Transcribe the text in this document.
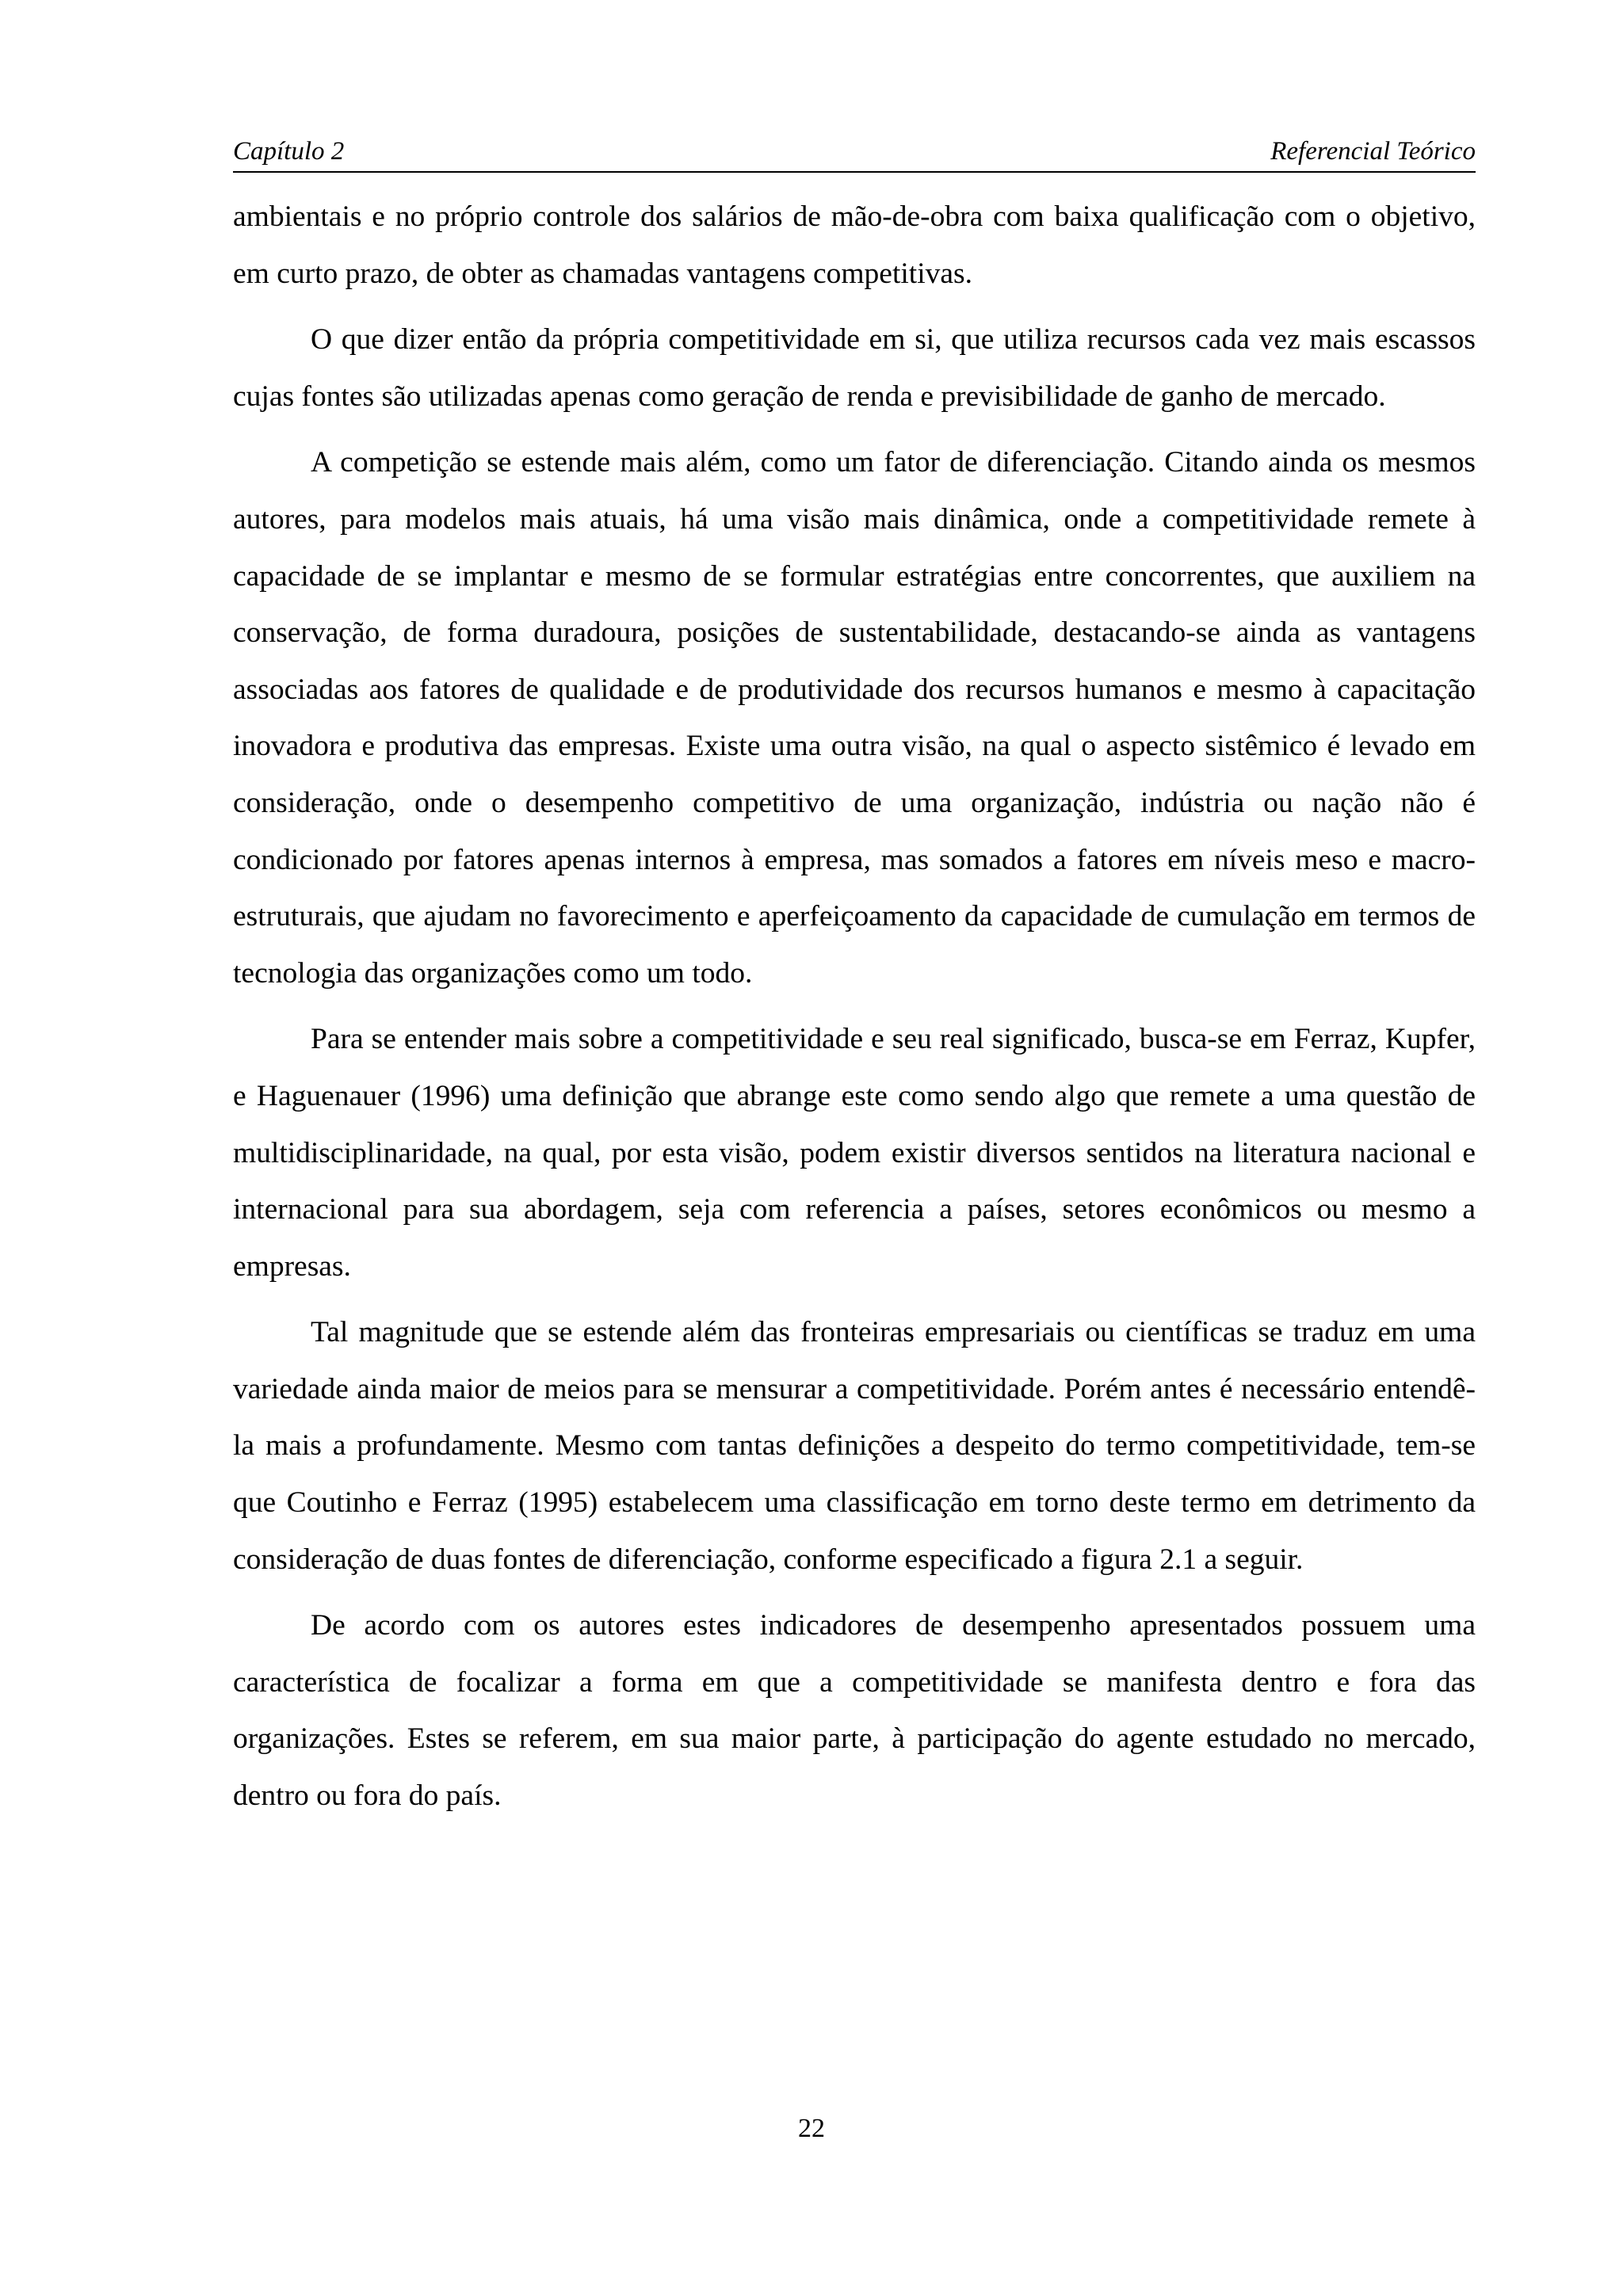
Capítulo 2	Referencial Teórico

ambientais e no próprio controle dos salários de mão-de-obra com baixa qualificação com o objetivo, em curto prazo, de obter as chamadas vantagens competitivas.

O que dizer então da própria competitividade em si, que utiliza recursos cada vez mais escassos cujas fontes são utilizadas apenas como geração de renda e previsibilidade de ganho de mercado.

A competição se estende mais além, como um fator de diferenciação. Citando ainda os mesmos autores, para modelos mais atuais, há uma visão mais dinâmica, onde a competitividade remete à capacidade de se implantar e mesmo de se formular estratégias entre concorrentes, que auxiliem na conservação, de forma duradoura, posições de sustentabilidade, destacando-se ainda as vantagens associadas aos fatores de qualidade e de produtividade dos recursos humanos e mesmo à capacitação inovadora e produtiva das empresas. Existe uma outra visão, na qual o aspecto sistêmico é levado em consideração, onde o desempenho competitivo de uma organização, indústria ou nação não é condicionado por fatores apenas internos à empresa, mas somados a fatores em níveis meso e macro-estruturais, que ajudam no favorecimento e aperfeiçoamento da capacidade de cumulação em termos de tecnologia das organizações como um todo.

Para se entender mais sobre a competitividade e seu real significado, busca-se em Ferraz, Kupfer, e Haguenauer (1996) uma definição que abrange este como sendo algo que remete a uma questão de multidisciplinaridade, na qual, por esta visão, podem existir diversos sentidos na literatura nacional e internacional para sua abordagem, seja com referencia a países, setores econômicos ou mesmo a empresas.

Tal magnitude que se estende além das fronteiras empresariais ou científicas se traduz em uma variedade ainda maior de meios para se mensurar a competitividade. Porém antes é necessário entendê-la mais a profundamente. Mesmo com tantas definições a despeito do termo competitividade, tem-se que Coutinho e Ferraz (1995) estabelecem uma classificação em torno deste termo em detrimento da consideração de duas fontes de diferenciação, conforme especificado a figura 2.1 a seguir.

De acordo com os autores estes indicadores de desempenho apresentados possuem uma característica de focalizar a forma em que a competitividade se manifesta dentro e fora das organizações. Estes se referem, em sua maior parte, à participação do agente estudado no mercado, dentro ou fora do país.

22
